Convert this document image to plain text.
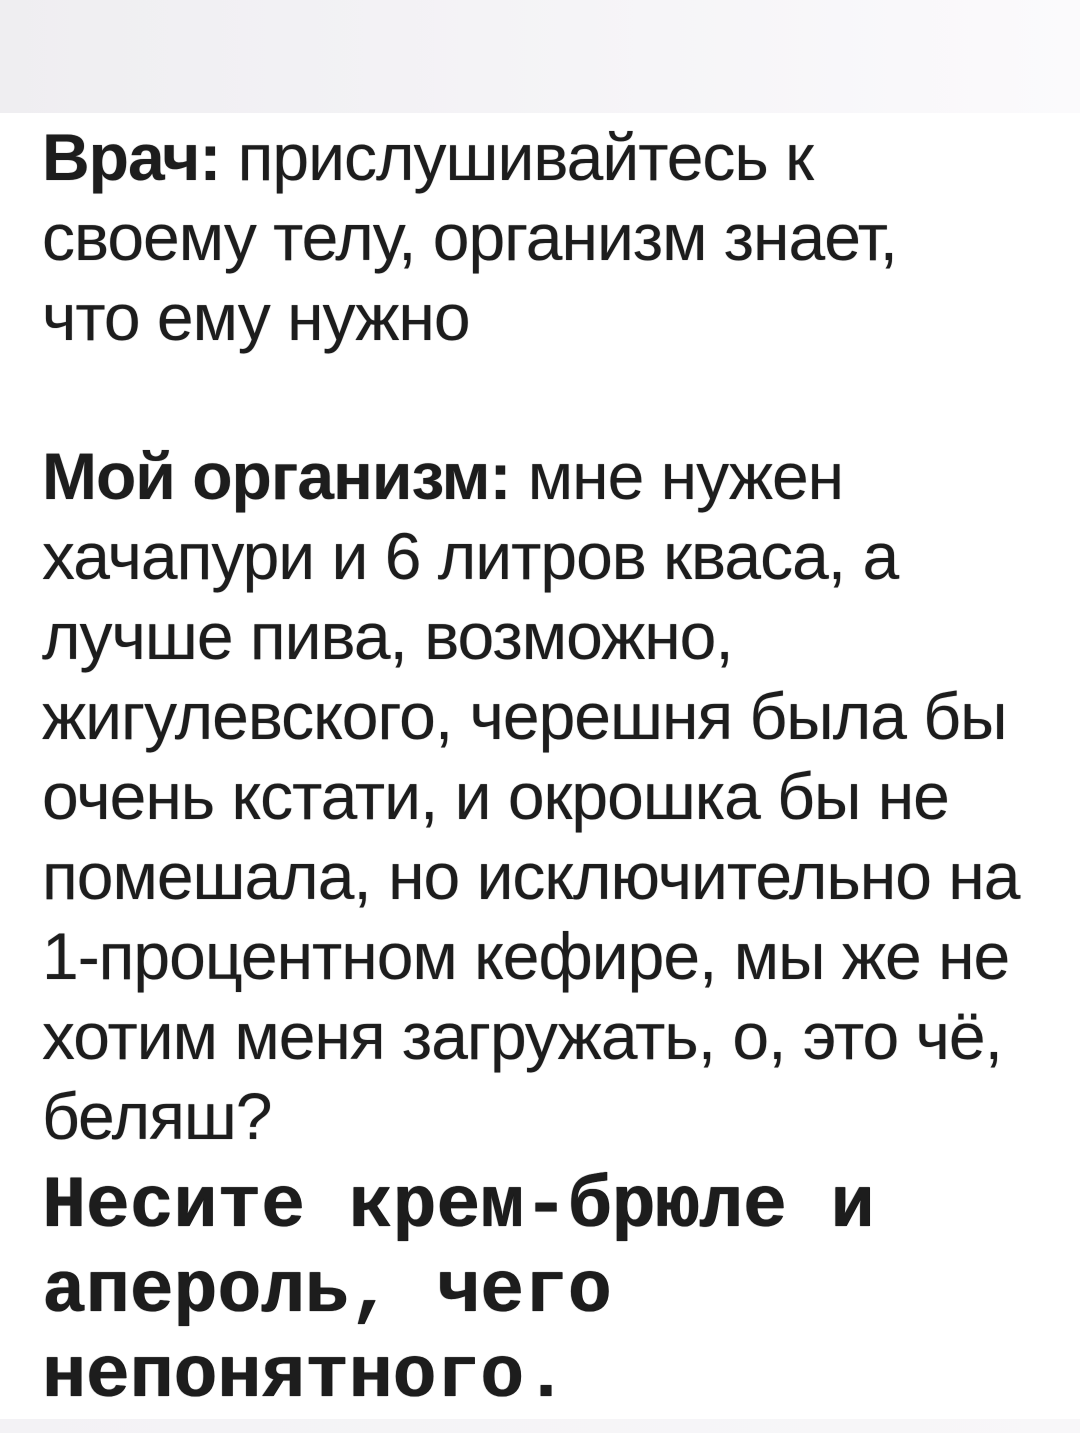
Врач: прислушивайтесь к
своему телу, организм знает,
что ему нужно
Мой организм: мне нужен
хачапури и 6 литров кваса, а
лучше пива, возможно,
жигулевского, черешня была бы
очень кстати, и окрошка бы не
помешала, но исключительно на
1-процентном кефире, мы же не
хотим меня загружать, о, это чё,
беляш?
Несите крем-брюле и
апероль, чего
непонятного.
